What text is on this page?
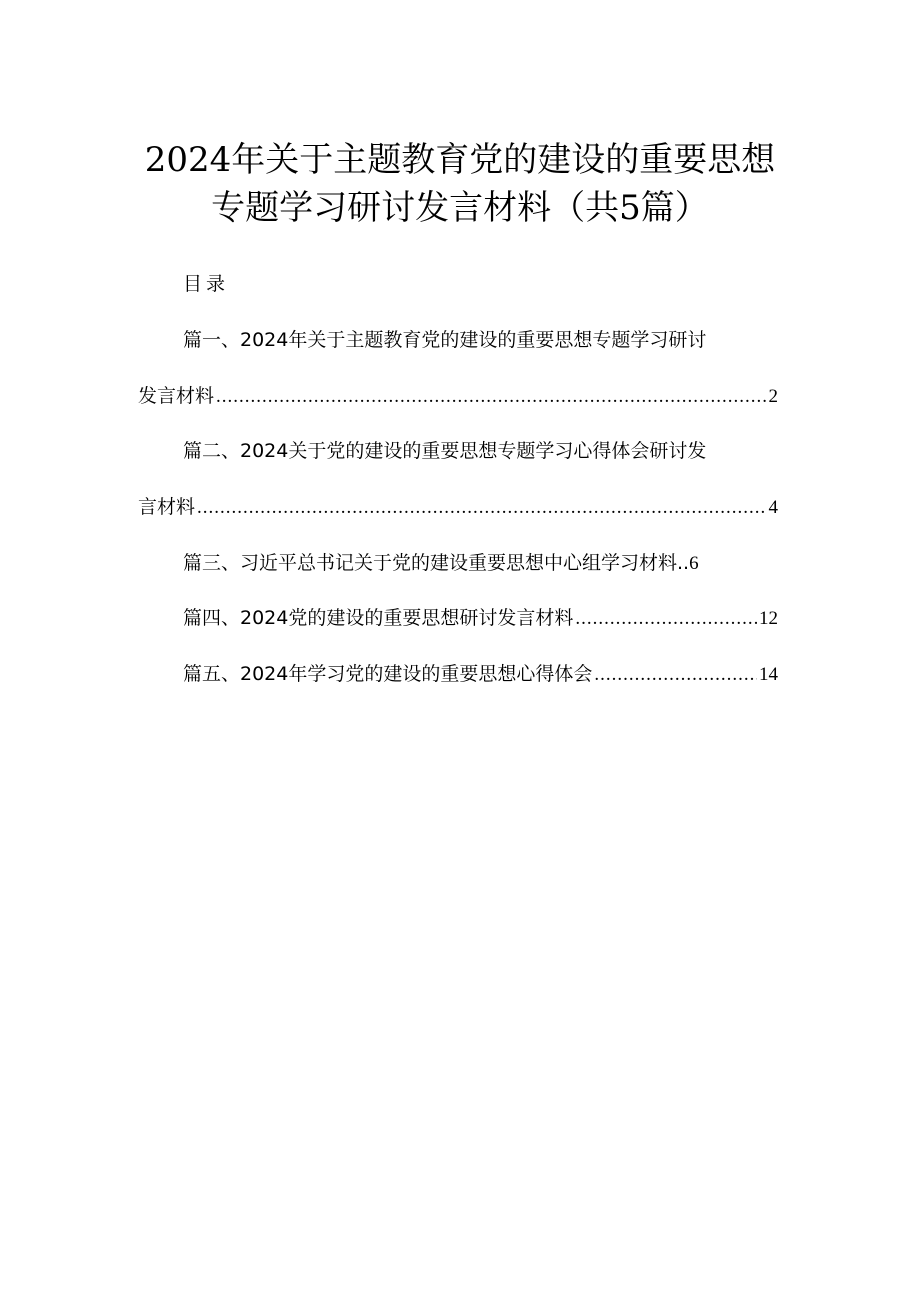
2024年关于主题教育党的建设的重要思想
专题学习研讨发言材料（共5篇）
目录
篇一、2024年关于主题教育党的建设的重要思想专题学习研讨
发言材料 .....	2
篇二、2024关于党的建设的重要思想专题学习心得体会研讨发
言材料 .....	4
篇三、习近平总书记关于党的建设重要思想中心组学习材料 .. 6
篇四、2024党的建设的重要思想研讨发言材料 .....	12
篇五、2024年学习党的建设的重要思想心得体会 .....	14
